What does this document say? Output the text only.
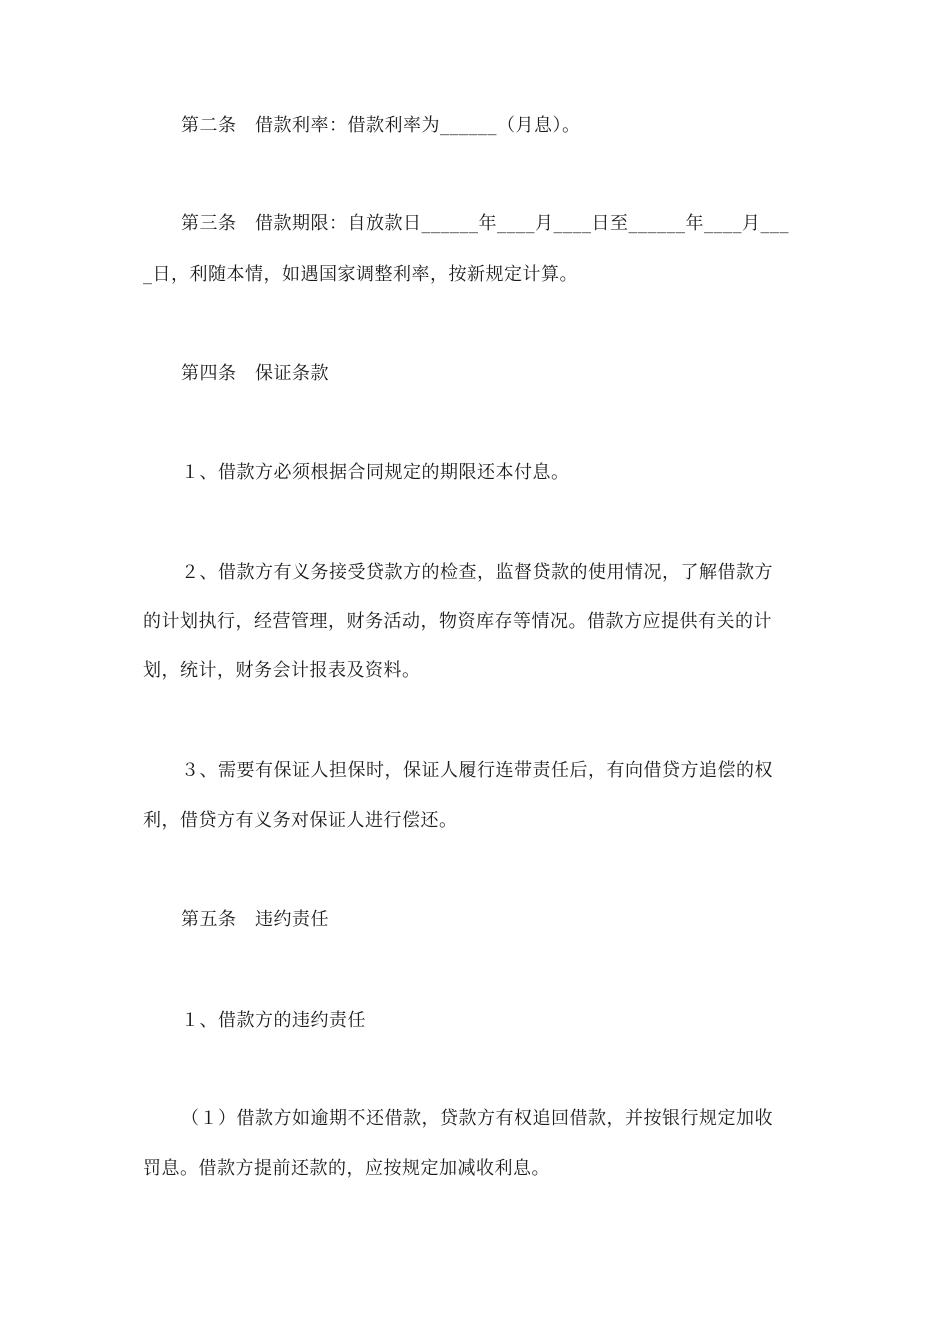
第二条　借款利率：借款利率为______（月息）。
第三条　借款期限：自放款日______年____月____日至______年____月___
_日，利随本情，如遇国家调整利率，按新规定计算。
第四条　保证条款
１、借款方必须根据合同规定的期限还本付息。
２、借款方有义务接受贷款方的检查，监督贷款的使用情况，了解借款方
的计划执行，经营管理，财务活动，物资库存等情况。借款方应提供有关的计
划，统计，财务会计报表及资料。
３、需要有保证人担保时，保证人履行连带责任后，有向借贷方追偿的权
利，借贷方有义务对保证人进行偿还。
第五条　违约责任
１、借款方的违约责任
（１）借款方如逾期不还借款，贷款方有权追回借款，并按银行规定加收
罚息。借款方提前还款的，应按规定加减收利息。
